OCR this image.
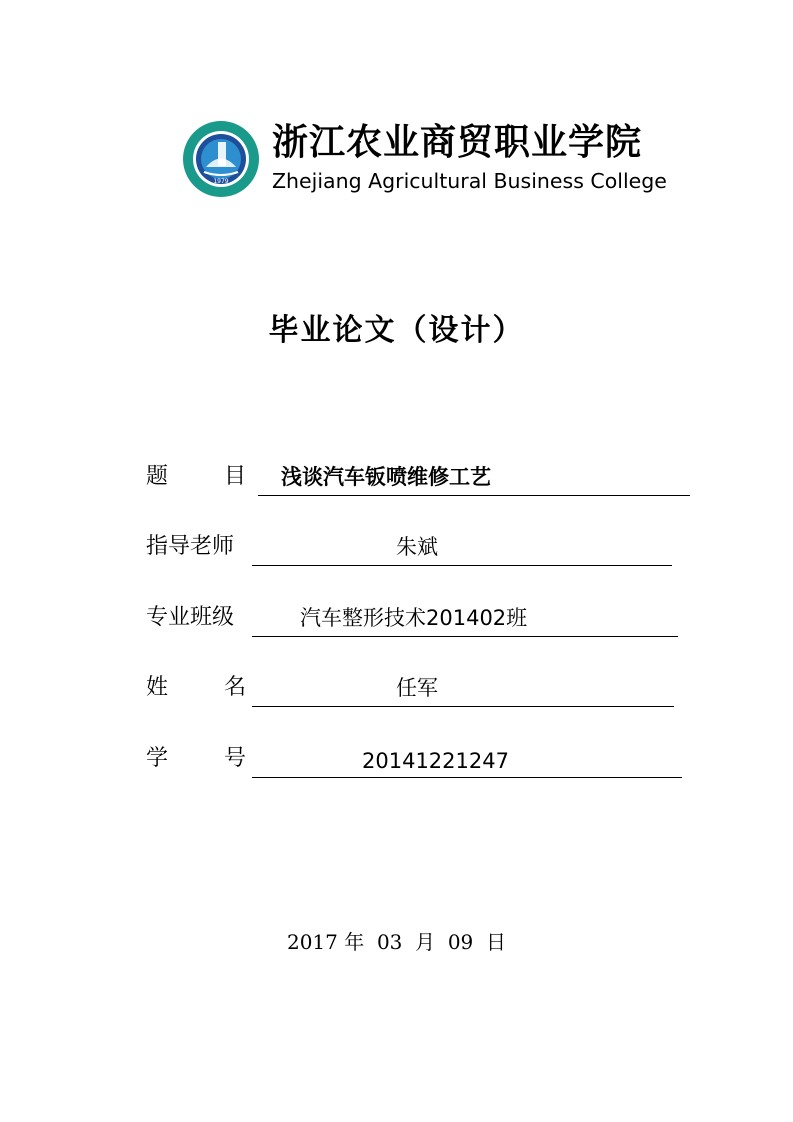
1979
浙江农业商贸职业学院
Zhejiang Agricultural Business College
毕业论文（设计）
题        目 浅谈汽车钣喷维修工艺
指导老师	朱斌
专业班级	汽车整形技术201402班
姓        名	任军
学        号	20141221247
2017 年  03  月  09  日
